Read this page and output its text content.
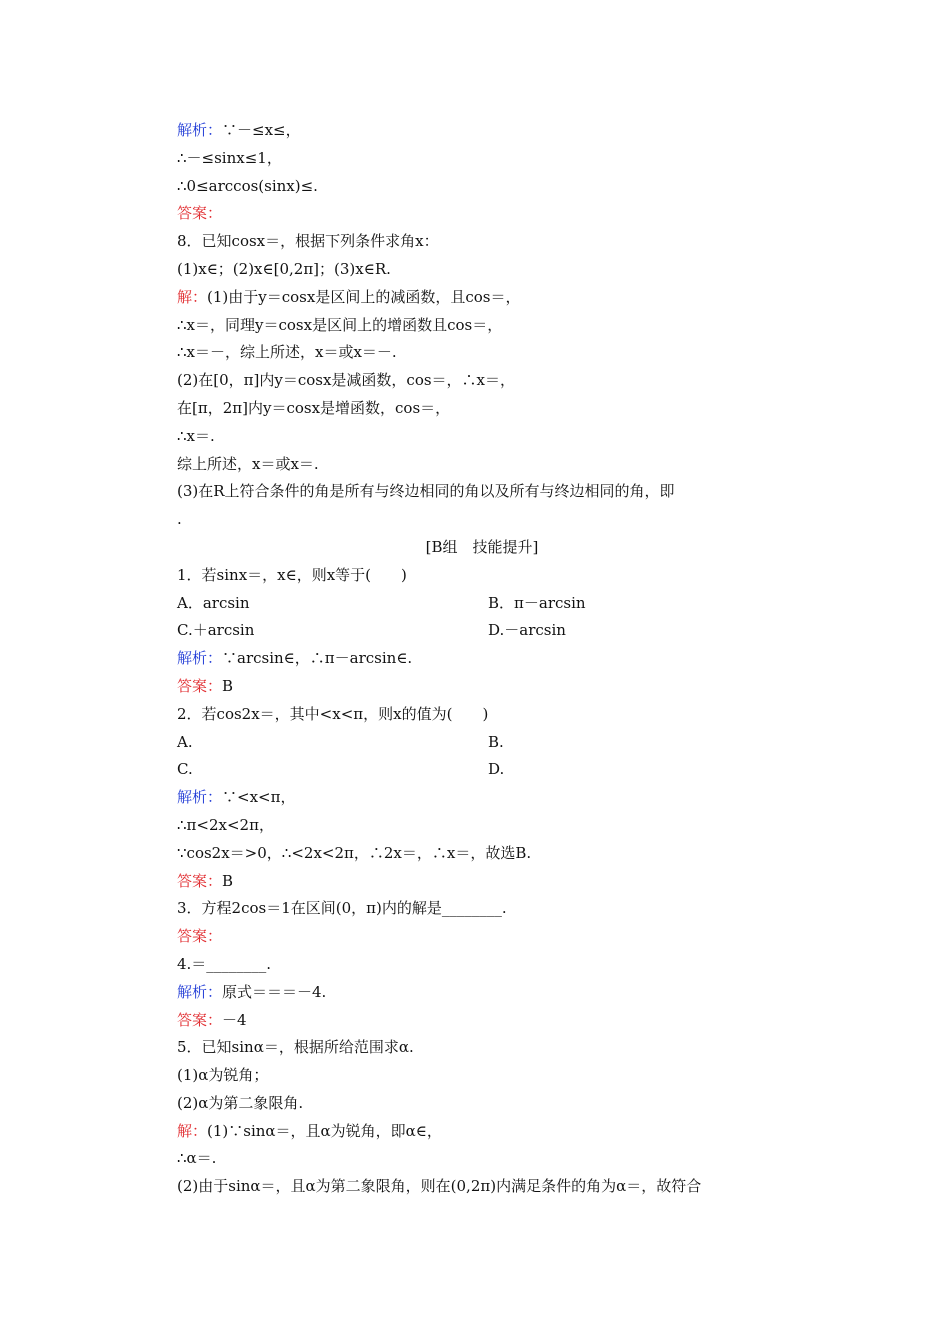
解析：∵－≤x≤，
∴－≤sinx≤1，
∴0≤arccos(sinx)≤.
答案：
8．已知cosx＝，根据下列条件求角x：
(1)x∈；(2)x∈[0,2π]；(3)x∈R.
解：(1)由于y＝cosx是区间上的减函数，且cos＝，
∴x＝，同理y＝cosx是区间上的增函数且cos＝，
∴x＝－，综上所述，x＝或x＝－.
(2)在[0，π]内y＝cosx是减函数，cos＝，∴x＝，
在[π，2π]内y＝cosx是增函数，cos＝，
∴x＝.
综上所述，x＝或x＝.
(3)在R上符合条件的角是所有与终边相同的角以及所有与终边相同的角，即
.
[B组　技能提升]
1．若sinx＝，x∈，则x等于(　　)
A．arcsin	B．π－arcsin
C.＋arcsin	D.－arcsin
解析：∵arcsin∈，∴π－arcsin∈.
答案：B
2．若cos2x＝，其中<x<π，则x的值为(　　)
A.	B.
C.	D.
解析：∵<x<π，
∴π<2x<2π，
∵cos2x＝>0，∴<2x<2π，∴2x＝，∴x＝，故选B.
答案：B
3．方程2cos＝1在区间(0，π)内的解是________.
答案：
4.＝________.
解析：原式＝＝＝－4.
答案：－4
5．已知sinα＝，根据所给范围求α.
(1)α为锐角；
(2)α为第二象限角.
解：(1)∵sinα＝，且α为锐角，即α∈，
∴α＝.
(2)由于sinα＝，且α为第二象限角，则在(0,2π)内满足条件的角为α＝，故符合
